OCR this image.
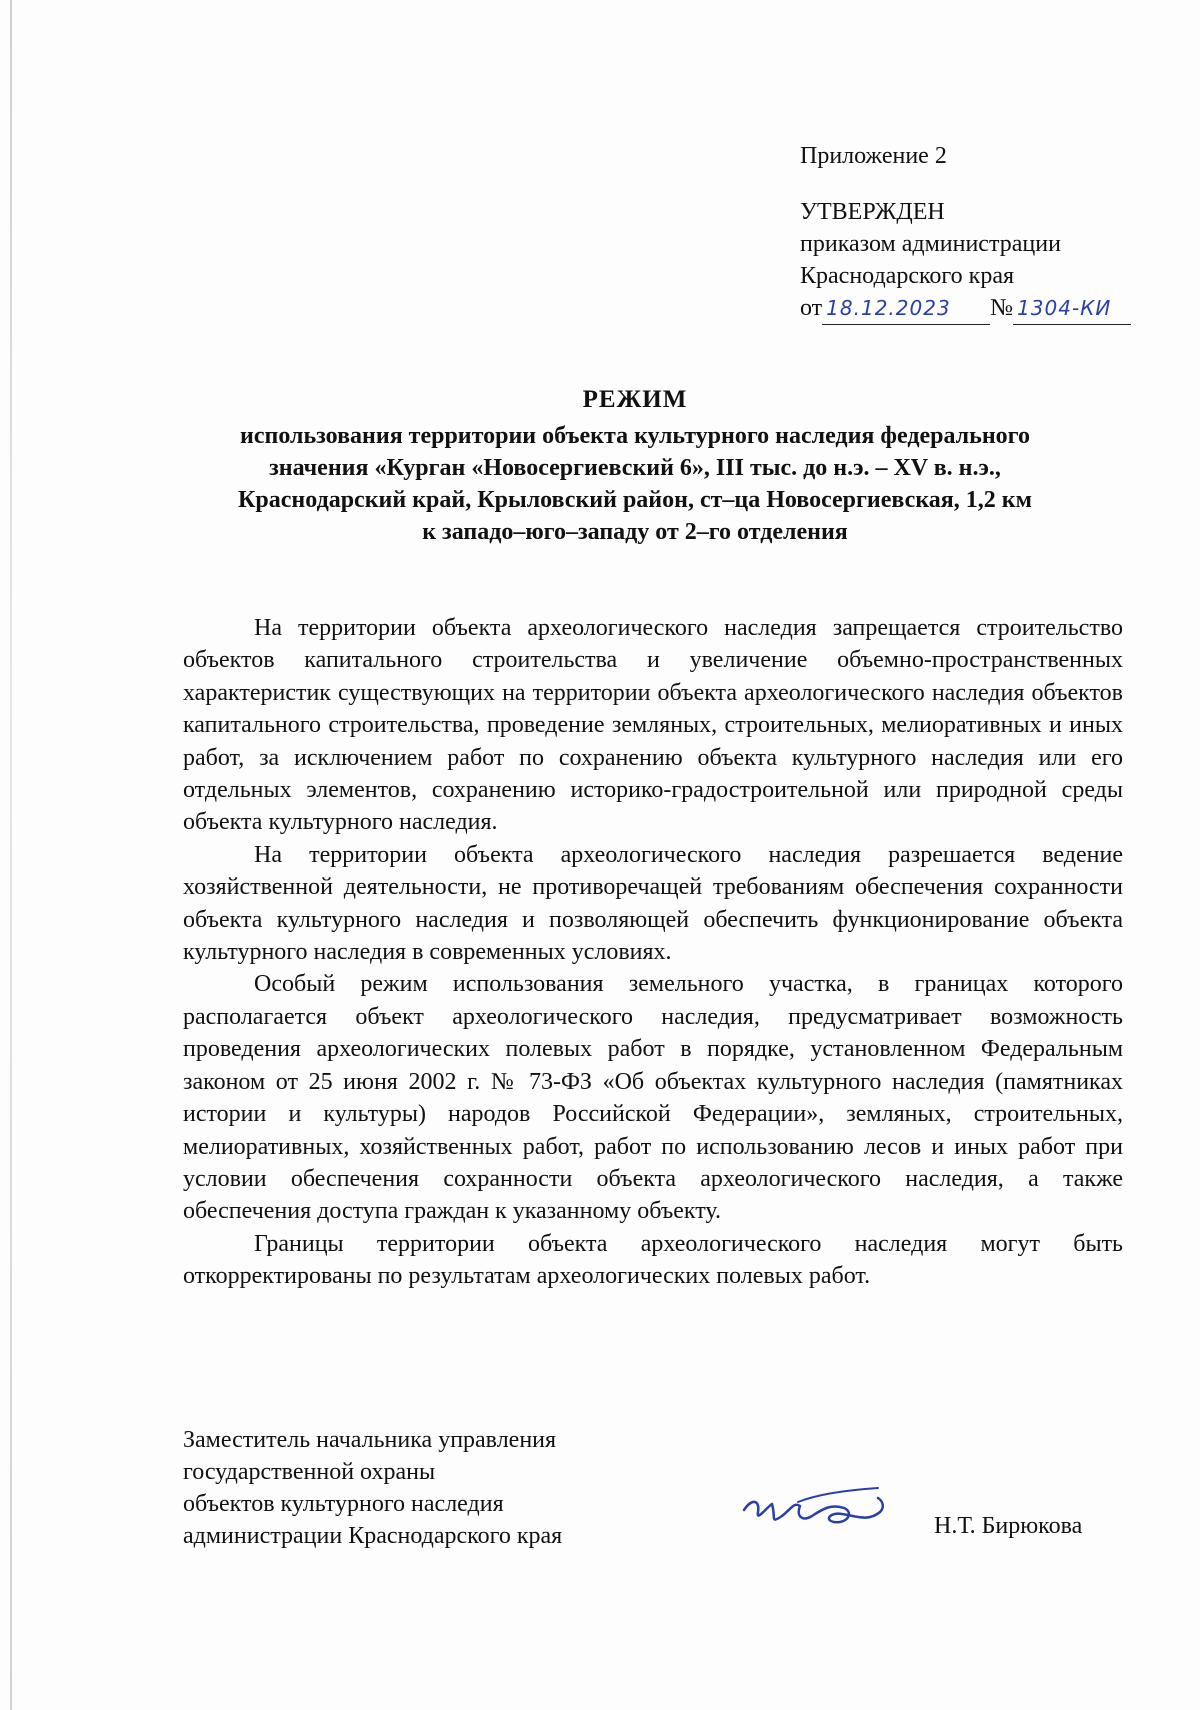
Приложение 2
УТВЕРЖДЕН
приказом администрации
Краснодарского края
от 18.12.2023 № 1304-КИ
РЕЖИМ
использования территории объекта культурного наследия федерального
значения «Курган «Новосергиевский 6», III тыс. до н.э. – XV в. н.э.,
Краснодарский край, Крыловский район, ст–ца Новосергиевская, 1,2 км
к западо–юго–западу от 2–го отделения

На территории объекта археологического наследия запрещается строительство объектов капитального строительства и увеличение объемно-пространственных характеристик существующих на территории объекта археологического наследия объектов капитального строительства, проведение земляных, строительных, мелиоративных и иных работ, за исключением работ по сохранению объекта культурного наследия или его отдельных элементов, сохранению историко-градостроительной или природной среды объекта культурного наследия.

На территории объекта археологического наследия разрешается ведение хозяйственной деятельности, не противоречащей требованиям обеспечения сохранности объекта культурного наследия и позволяющей обеспечить функционирование объекта культурного наследия в современных условиях.

Особый режим использования земельного участка, в границах которого располагается объект археологического наследия, предусматривает возможность проведения археологических полевых работ в порядке, установленном Федеральным законом от 25 июня 2002 г. № 73-ФЗ «Об объектах культурного наследия (памятниках истории и культуры) народов Российской Федерации», земляных, строительных, мелиоративных, хозяйственных работ, работ по использованию лесов и иных работ при условии обеспечения сохранности объекта археологического наследия, а также обеспечения доступа граждан к указанному объекту.

Границы территории объекта археологического наследия могут быть откорректированы по результатам археологических полевых работ.

Заместитель начальника управления
государственной охраны
объектов культурного наследия
администрации Краснодарского края	Н.Т. Бирюкова
